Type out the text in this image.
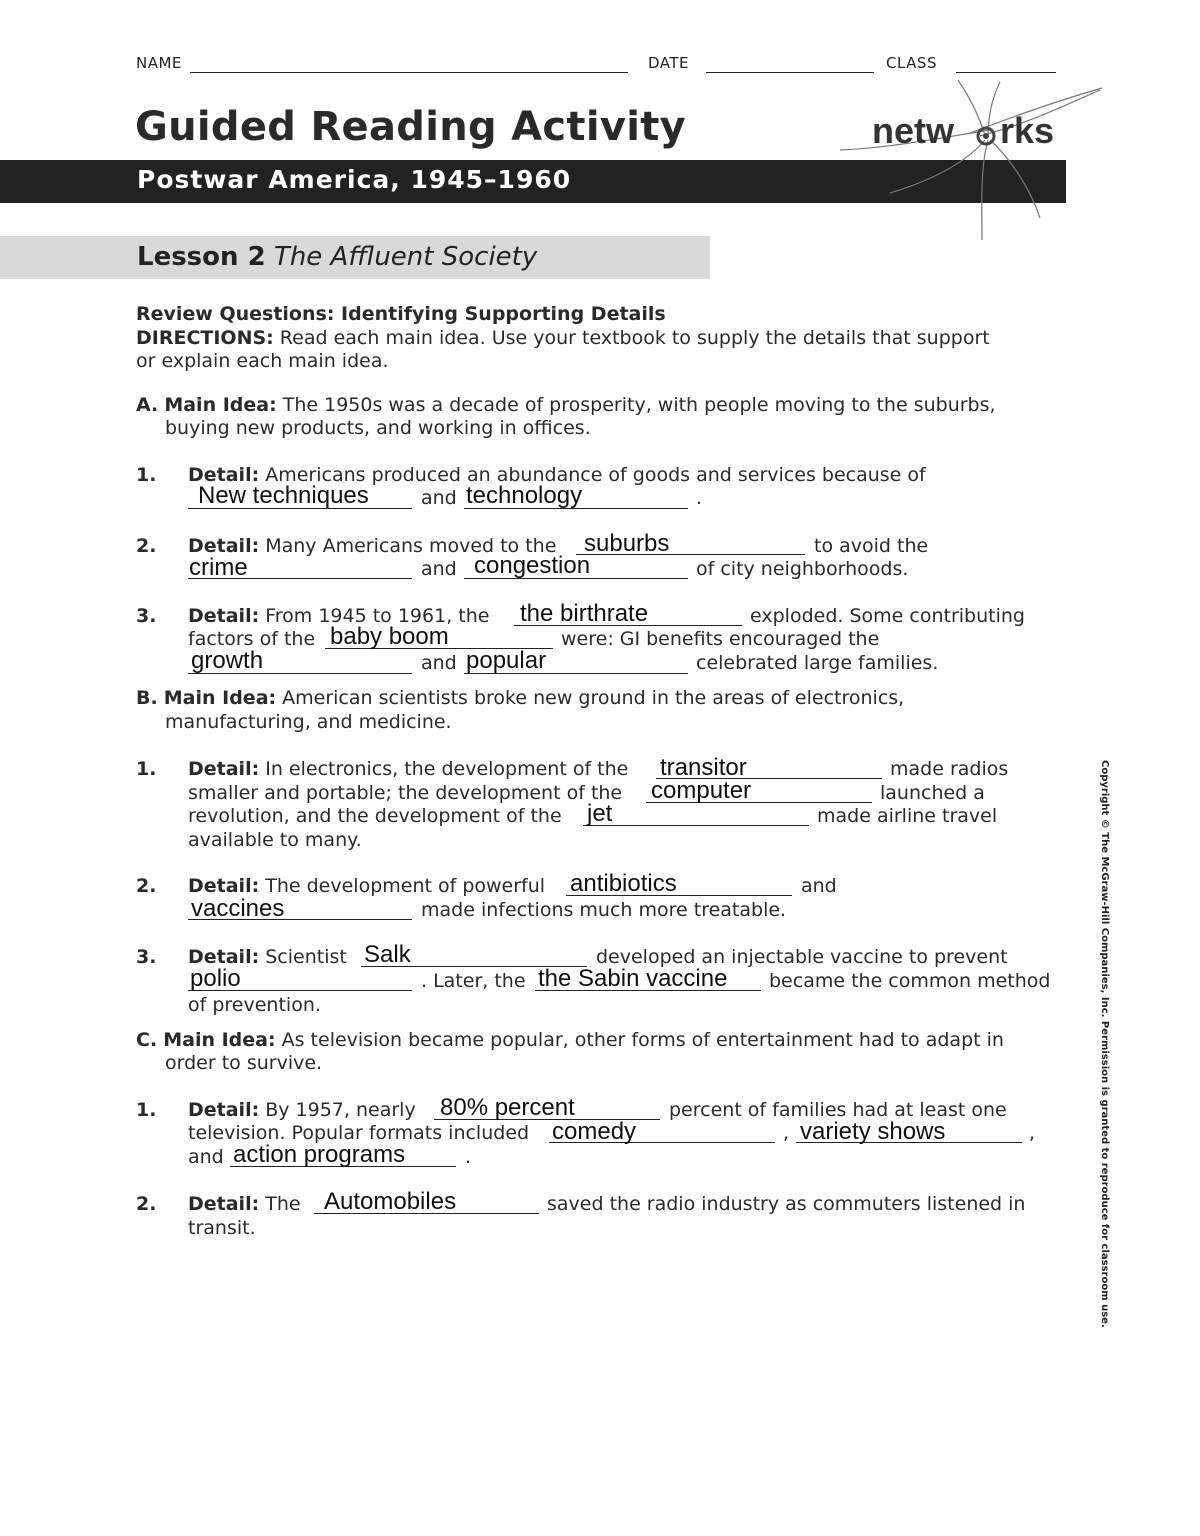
NAME	DATE	CLASS
Guided Reading Activity
Postwar America, 1945–1960
netw rks
Lesson 2 The Affluent Society
Review Questions: Identifying Supporting Details
DIRECTIONS: Read each main idea. Use your textbook to supply the details that support
or explain each main idea.
A. Main Idea: The 1950s was a decade of prosperity, with people moving to the suburbs,
buying new products, and working in offices.
1. Detail: Americans produced an abundance of goods and services because of
New techniques	and technology	.
2. Detail: Many Americans moved to the suburbs	to avoid the
crime	and congestion	of city neighborhoods.
3. Detail: From 1945 to 1961, the the birthrate	exploded. Some contributing
factors of the baby boom	were: GI benefits encouraged the
growth	and popular	celebrated large families.
B. Main Idea: American scientists broke new ground in the areas of electronics,
manufacturing, and medicine.
1. Detail: In electronics, the development of the transitor	made radios
smaller and portable; the development of the computer	launched a
revolution, and the development of the jet	made airline travel
available to many.
2. Detail: The development of powerful antibiotics	and
vaccines	made infections much more treatable.
3. Detail: Scientist Salk	developed an injectable vaccine to prevent
polio	. Later, the the Sabin vaccine became the common method
of prevention.
C. Main Idea: As television became popular, other forms of entertainment had to adapt in
order to survive.
1. Detail: By 1957, nearly 80% percent	percent of families had at least one
television. Popular formats included comedy	, variety shows	,
and action programs	.
2. Detail: The Automobiles	saved the radio industry as commuters listened in
transit.	Copyright © The McGraw-Hill Companies, Inc. Permission is granted to reproduce for classroom use.
